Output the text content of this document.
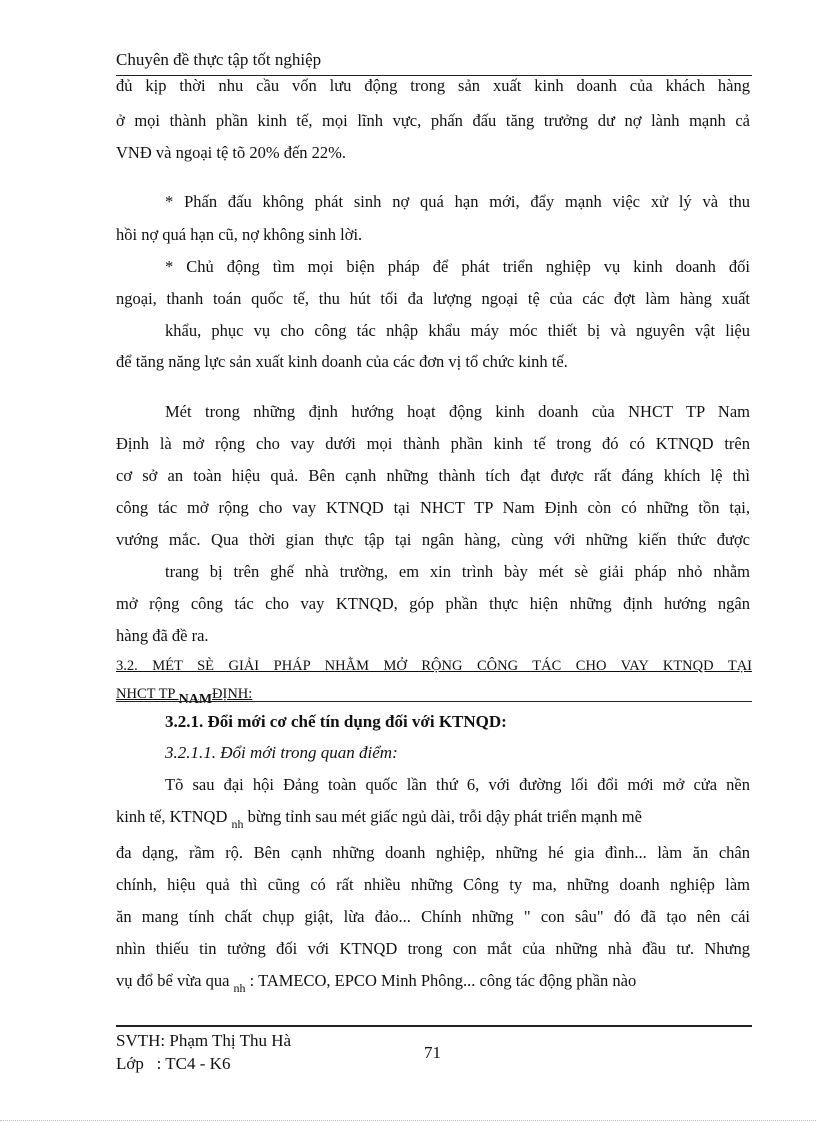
Chuyên đề thực tập tốt nghiệp
đủ kịp thời nhu cầu vốn lưu động trong sản xuất kinh doanh của khách hàng
ở mọi thành phần kinh tế, mọi lĩnh vực, phấn đấu tăng trưởng dư nợ lành mạnh cả
VNĐ và ngoại tệ tõ 20% đến 22%.
* Phấn đấu không phát sinh nợ quá hạn mới, đẩy mạnh việc xử lý và thu
hồi nợ quá hạn cũ, nợ không sinh lời.
* Chủ động tìm mọi biện pháp để phát triển nghiệp vụ kinh doanh đối
ngoại, thanh toán quốc tế, thu hút tối đa lượng ngoại tệ của các đợt làm hàng xuất
khẩu, phục vụ cho công tác nhập khẩu máy móc thiết bị và nguyên vật liệu
để tăng năng lực sản xuất kinh doanh của các đơn vị tổ chức kinh tế.
Mét trong những định hướng hoạt động kinh doanh của NHCT TP Nam
Định là mở rộng cho vay dưới mọi thành phần kinh tế trong đó có KTNQD trên
cơ sở an toàn hiệu quả. Bên cạnh những thành tích đạt được rất đáng khích lệ thì
công tác mở rộng cho vay KTNQD tại NHCT TP Nam Định còn có những tồn tại,
vướng mắc. Qua thời gian thực tập tại ngân hàng, cùng với những kiến thức được
trang bị trên ghế nhà trường, em xin trình bày mét sè giải pháp nhỏ nhằm
mở rộng công tác cho vay KTNQD, góp phần thực hiện những định hướng ngân
hàng đã đề ra.
3.2. MÉT SÈ GIẢI PHÁP NHẰM MỞ RỘNG CÔNG TÁC CHO VAY KTNQD TẠI
NHCT TP NAMĐỊNH:
3.2.1. Đổi mới cơ chế tín dụng đối với KTNQD:
3.2.1.1. Đổi mới trong quan điểm:
Tõ sau đại hội Đảng toàn quốc lần thứ 6, với đường lối đổi mới mở cửa nền
kinh tế, KTNQD $_{nh}$ bừng tỉnh sau mét giấc ngủ dài, trỗi dậy phát triển mạnh mẽ
đa dạng, rầm rộ. Bên cạnh những doanh nghiệp, những hé gia đình... làm ăn chân
chính, hiệu quả thì cũng có rất nhiều những Công ty ma, những doanh nghiệp làm
ăn mang tính chất chụp giật, lừa đảo... Chính những " con sâu" đó đã tạo nên cái
nhìn thiếu tin tưởng đối với KTNQD trong con mắt của những nhà đầu tư. Nhưng
vụ đổ bể vừa qua $_{nh}$ : TAMECO, EPCO Minh Phông... công tác động phần nào
SVTH: Phạm Thị Thu Hà
Lớp   : TC4 - K6
71
